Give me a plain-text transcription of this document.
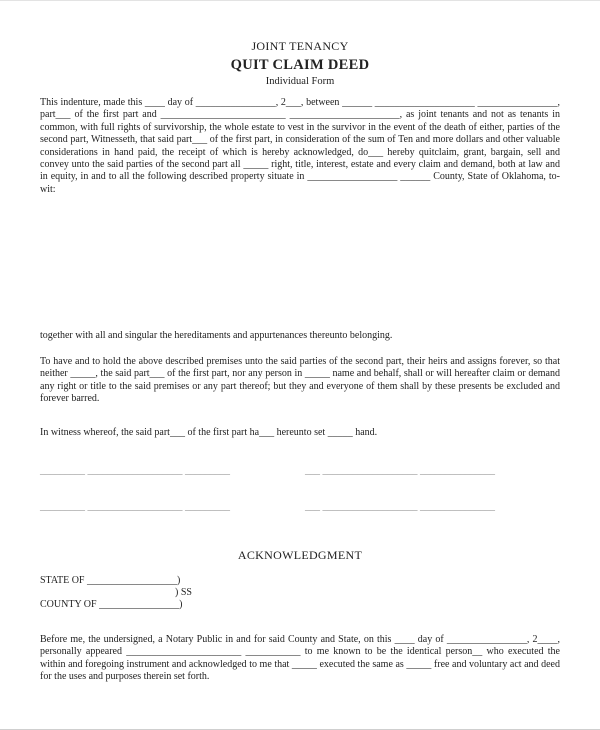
JOINT TENANCY
QUIT CLAIM DEED
Individual Form
This indenture, made this ____ day of ________________, 2___, between ______ ____________________ ________________, part___ of the first part and _________________________ ______________________, as joint tenants and not as tenants in common, with full rights of survivorship, the whole estate to vest in the survivor in the event of the death of either, parties of the second part, Witnesseth, that said part___ of the first part, in consideration of the sum of Ten and more dollars and other valuable considerations in hand paid, the receipt of which is hereby acknowledged, do___ hereby quitclaim, grant, bargain, sell and convey unto the said parties of the second part all _____ right, title, interest, estate and every claim and demand, both at law and in equity, in and to all the following described property situate in __________________ ______ County, State of Oklahoma, to-wit:
together with all and singular the hereditaments and appurtenances thereunto belonging.
To have and to hold the above described premises unto the said parties of the second part, their heirs and assigns forever, so that neither _____, the said part___ of the first part, nor any person in _____ name and behalf, shall or will hereafter claim or demand any right or title to the said premises or any part thereof; but they and everyone of them shall by these presents be excluded and forever barred.
In witness whereof, the said part___ of the first part ha___ hereunto set _____ hand.
_________ ___________________ _________	___ ___________________ _______________
_________ ___________________ _________	___ ___________________ _______________
ACKNOWLEDGMENT
STATE OF __________________)
) SS
COUNTY OF ________________)
Before me, the undersigned, a Notary Public in and for said County and State, on this ____ day of ________________, 2____, personally appeared _______________________ ___________ to me known to be the identical person__ who executed the within and foregoing instrument and acknowledged to me that _____ executed the same as _____ free and voluntary act and deed for the uses and purposes therein set forth.
